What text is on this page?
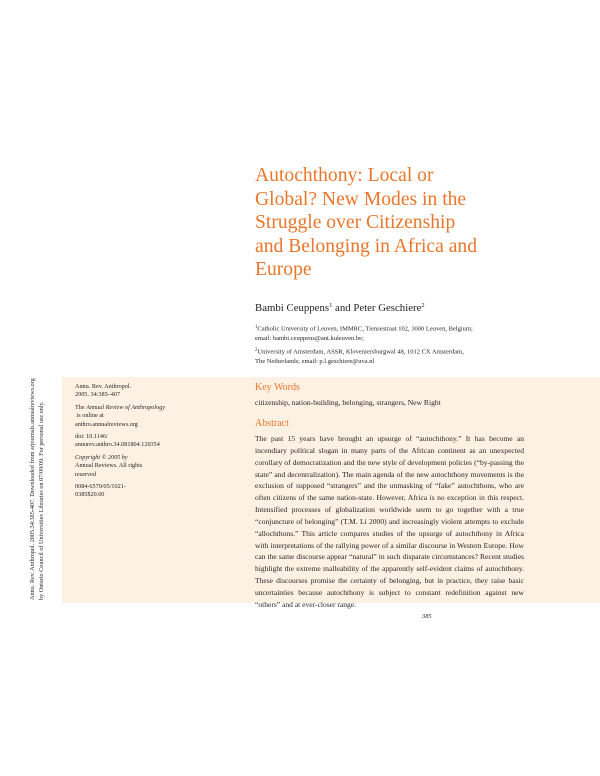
Annu. Rev. Anthropol. 2005.34:385-407. Downloaded from arjournals.annualreviews.org by Ontario Council of Universities Libraries on 07/09/09. For personal use only.
Autochthony: Local or
Global? New Modes in the
Struggle over Citizenship
and Belonging in Africa and
Europe
Bambi Ceuppens$^1$ and Peter Geschiere$^2$
$^1$Catholic University of Leuven, IMMRC, Tiensestraat 102, 3000 Leuven, Belgium;
email: bambi.ceuppens@ant.kuleuven.be;
$^2$University of Amsterdam, ASSR, Kloveniersburgwal 48, 1012 CX Amsterdam,
The Netherlands; email: p.l.geschiere@uva.nl

Annu. Rev. Anthropol.
2005. 34:385–407

The Annual Review of Anthropology is online at
anthro.annualreviews.org

doi: 10.1146/
annurev.anthro.34.081804.120354

Copyright © 2005 by
Annual Reviews. All rights
reserved

0084-6570/05/1021-
0385$20.00

Key Words
citizenship, nation-building, belonging, strangers, New Right
Abstract

The past 15 years have brought an upsurge of “autochthony.” It has become an incendiary political slogan in many parts of the African continent as an unexpected corollary of democratization and the new style of development policies (“by-passing the state” and decentralization). The main agenda of the new autochthony movements is the exclusion of supposed “strangers” and the unmasking of “fake” autochthons, who are often citizens of the same nation-state. However, Africa is no exception in this respect. Intensified processes of globalization worldwide seem to go together with a true “conjuncture of belonging” (T.M. Li 2000) and increasingly violent attempts to exclude “allochthons.” This article compares studies of the upsurge of autochthony in Africa with interpretations of the rallying power of a similar discourse in Western Europe. How can the same discourse appear “natural” in such disparate circumstances? Recent studies highlight the extreme malleability of the apparently self-evident claims of autochthony. These discourses promise the certainty of belonging, but in practice, they raise basic uncertainties because autochthony is subject to constant redefinition against new “others” and at ever-closer range.

385
